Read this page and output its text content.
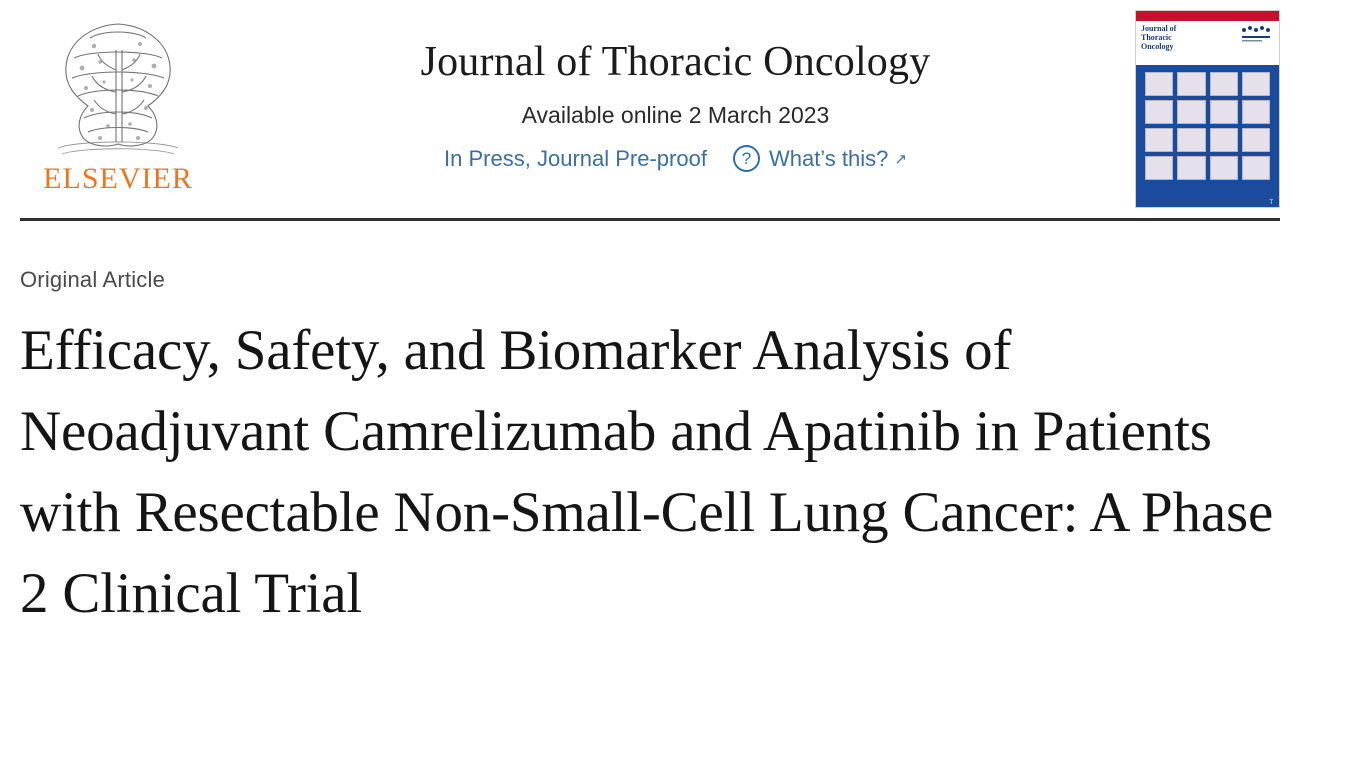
ELSEVIER
Journal of Thoracic Oncology
Available online 2 March 2023
In Press, Journal Pre-proof	? What’s this? ↗
Journal of
Thoracic
Oncology
T
Original Article
Efficacy, Safety, and Biomarker Analysis of Neoadjuvant Camrelizumab and Apatinib in Patients with Resectable Non-Small-Cell Lung Cancer: A Phase 2 Clinical Trial
